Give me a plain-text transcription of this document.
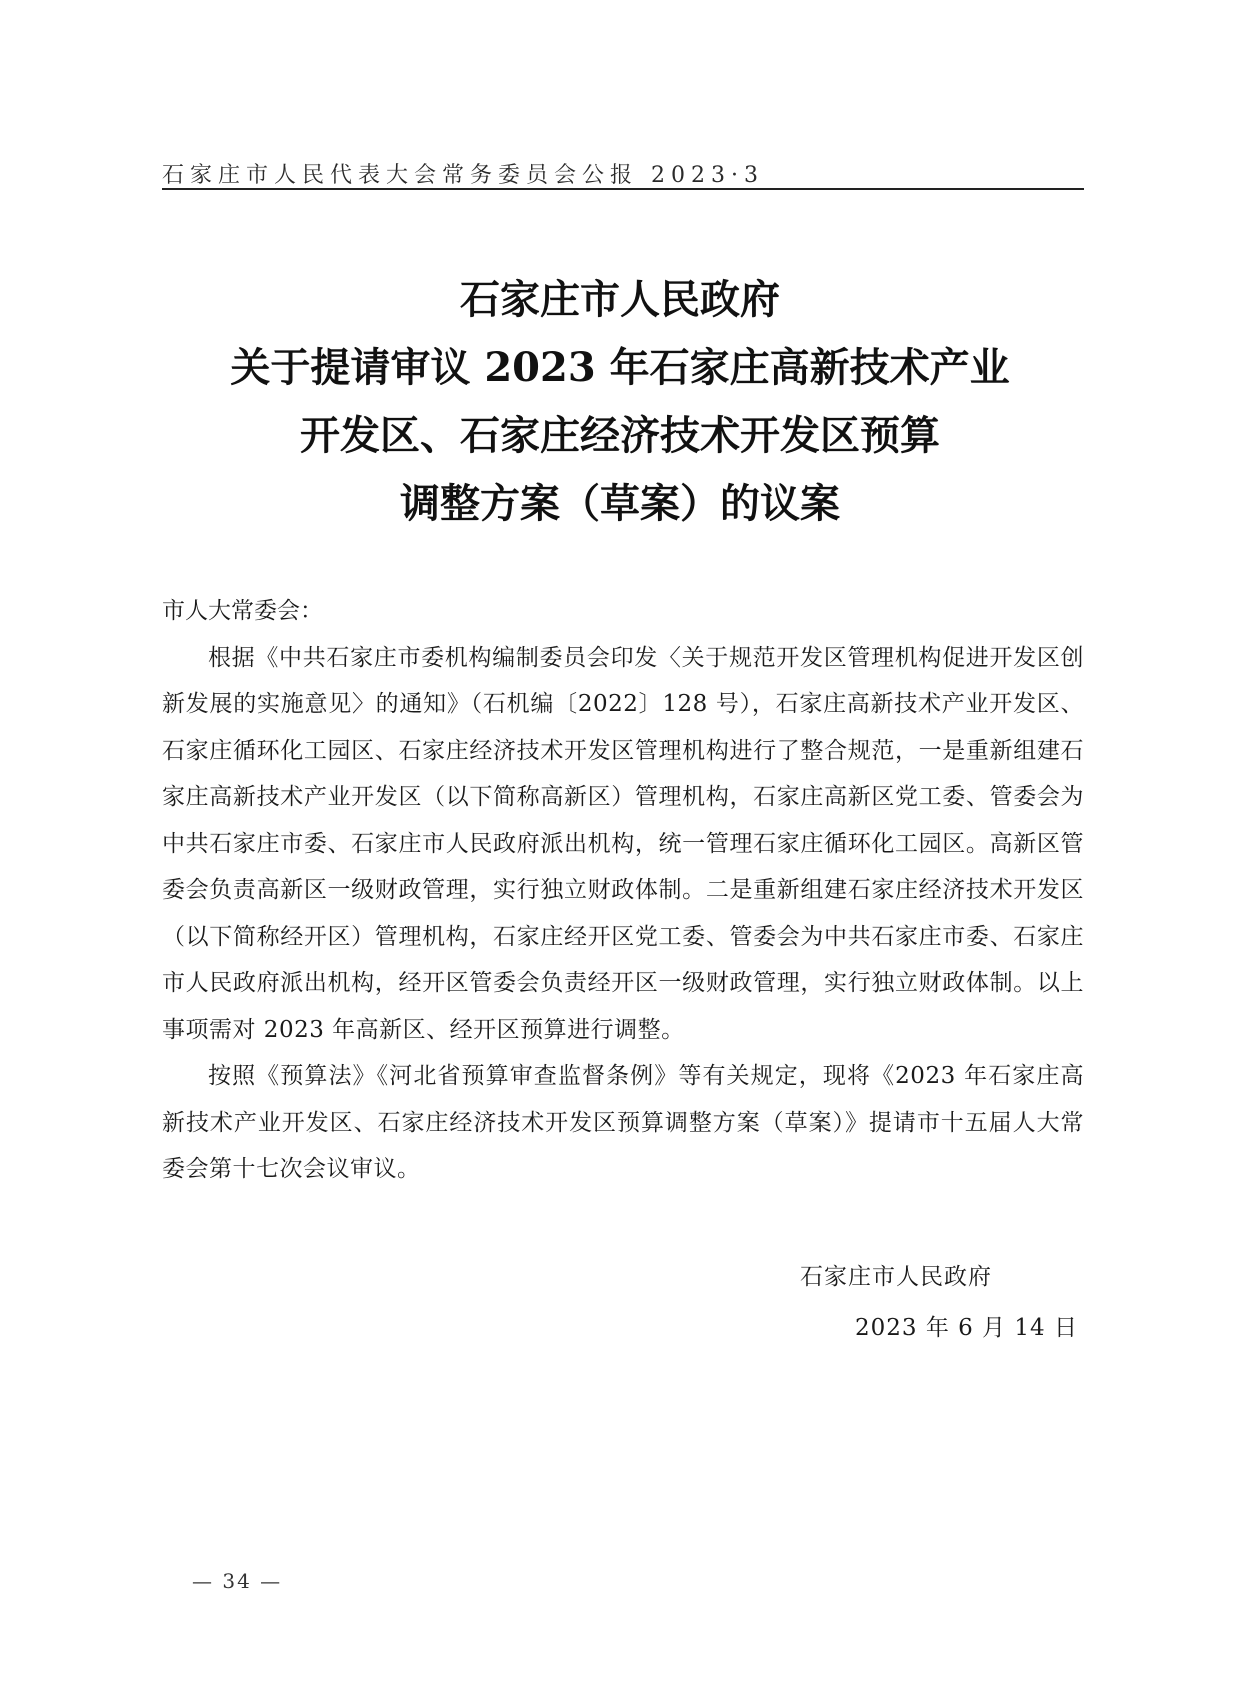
石家庄市人民代表大会常务委员会公报 2023·3
石家庄市人民政府
关于提请审议 2023 年石家庄高新技术产业
开发区、石家庄经济技术开发区预算
调整方案（草案）的议案

市人大常委会：

根据《中共石家庄市委机构编制委员会印发〈关于规范开发区管理机构促进开发区创新发展的实施意见〉的通知》（石机编〔2022〕128 号），石家庄高新技术产业开发区、石家庄循环化工园区、石家庄经济技术开发区管理机构进行了整合规范，一是重新组建石家庄高新技术产业开发区（以下简称高新区）管理机构，石家庄高新区党工委、管委会为中共石家庄市委、石家庄市人民政府派出机构，统一管理石家庄循环化工园区。高新区管委会负责高新区一级财政管理，实行独立财政体制。二是重新组建石家庄经济技术开发区（以下简称经开区）管理机构，石家庄经开区党工委、管委会为中共石家庄市委、石家庄市人民政府派出机构，经开区管委会负责经开区一级财政管理，实行独立财政体制。以上事项需对 2023 年高新区、经开区预算进行调整。

按照《预算法》《河北省预算审查监督条例》等有关规定，现将《2023 年石家庄高新技术产业开发区、石家庄经济技术开发区预算调整方案（草案）》提请市十五届人大常委会第十七次会议审议。

石家庄市人民政府
2023 年 6 月 14 日
— 34 —
